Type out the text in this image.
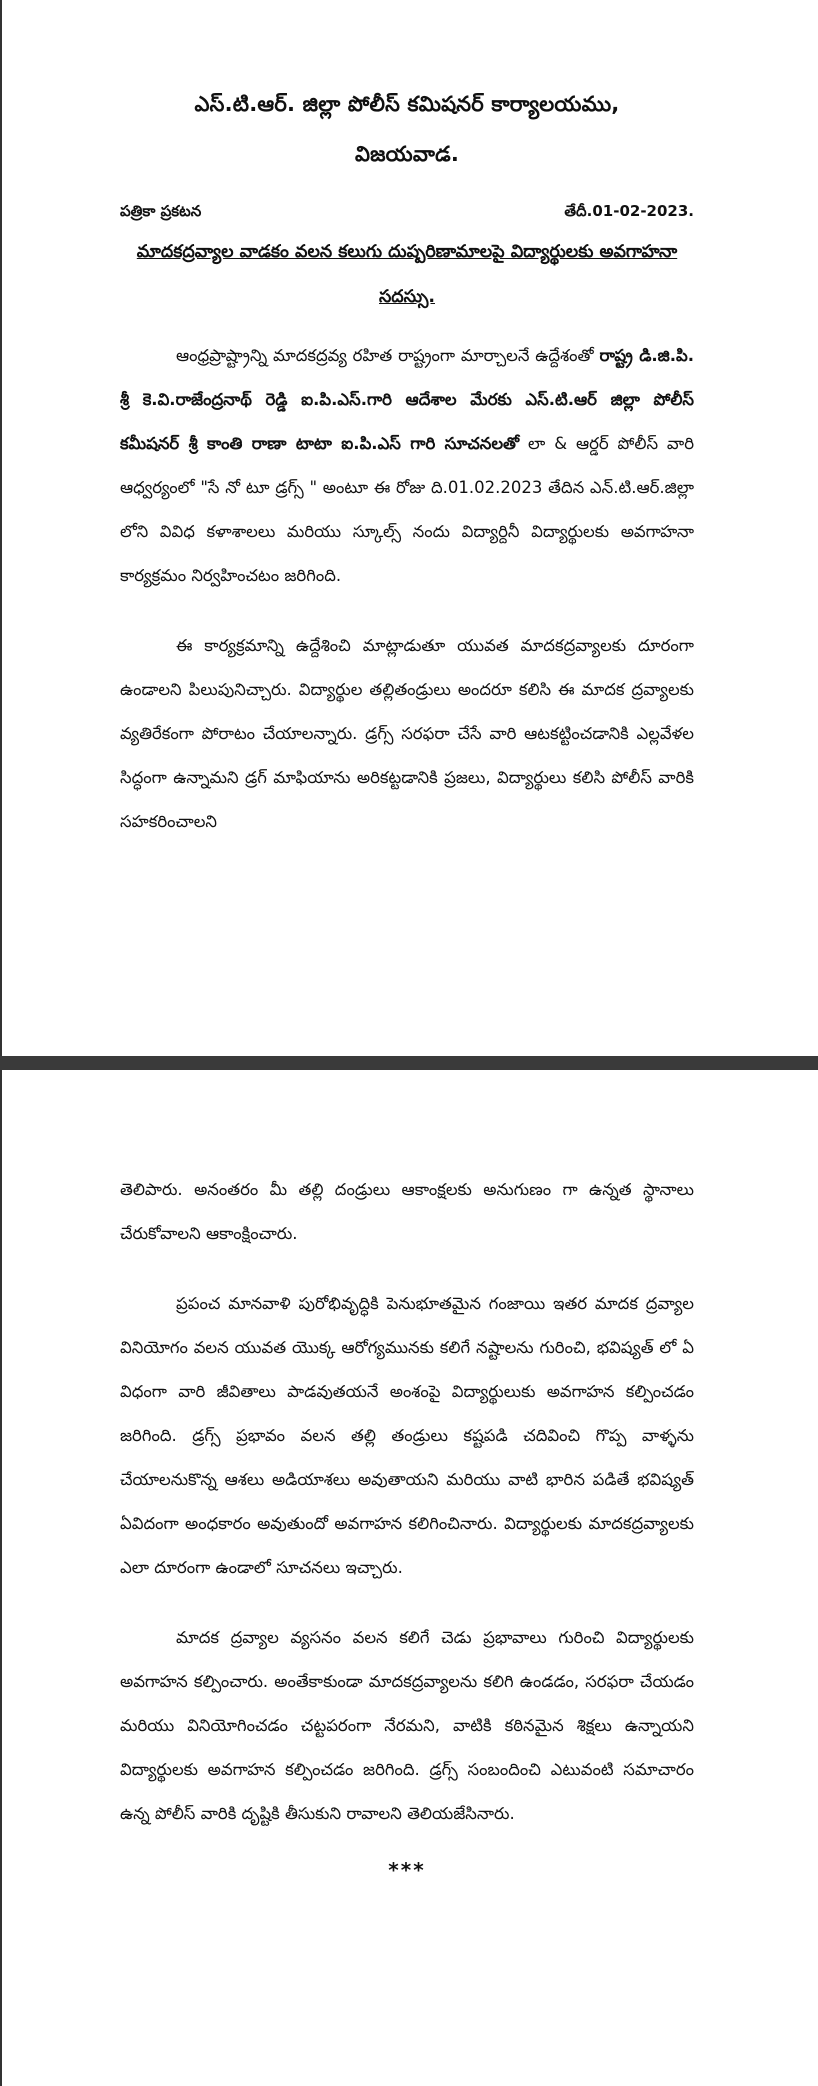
ఎస్.టి.ఆర్. జిల్లా పోలీస్ కమిషనర్ కార్యాలయము,
విజయవాడ.
పత్రికా ప్రకటన	తేదీ.01-02-2023.
మాదకద్రవ్యాల వాడకం వలన కలుగు దుష్పరిణామాలపై విద్యార్థులకు అవగాహనా సదస్సు.

ఆంధ్రప్రాష్ట్రాన్ని మాదకద్రవ్య రహిత రాష్ట్రంగా మార్చాలనే ఉద్దేశంతో రాష్ట్ర డి.జి.పి. శ్రీ కె.వి.రాజేంద్రనాథ్ రెడ్డి ఐ.పి.ఎస్.గారి ఆదేశాల మేరకు ఎస్.టి.ఆర్ జిల్లా పోలీస్ కమీషనర్ శ్రీ కాంతి రాణా టాటా ఐ.పి.ఎస్ గారి సూచనలతో లా & ఆర్డర్ పోలీస్ వారి ఆధ్వర్యంలో "సే నో టూ డ్రగ్స్ " అంటూ ఈ రోజు ది.01.02.2023 తేదిన ఎన్.టి.ఆర్.జిల్లా లోని వివిధ కళాశాలలు మరియు స్కూల్స్ నందు విద్యార్దినీ విద్యార్థులకు అవగాహనా కార్యక్రమం నిర్వహించటం జరిగింది.

ఈ కార్యక్రమాన్ని ఉద్దేశించి మాట్లాడుతూ యువత మాదకద్రవ్యాలకు దూరంగా ఉండాలని పిలుపునిచ్చారు. విద్యార్థుల తల్లితండ్రులు అందరూ కలిసి ఈ మాదక ద్రవ్యాలకు వ్యతిరేకంగా పోరాటం చేయాలన్నారు. డ్రగ్స్ సరఫరా చేసే వారి ఆటకట్టించడానికి ఎల్లవేళల సిద్ధంగా ఉన్నామని డ్రగ్ మాఫియాను అరికట్టడానికి ప్రజలు, విద్యార్థులు కలిసి పోలీస్ వారికి సహకరించాలని

తెలిపారు. అనంతరం మీ తల్లి దండ్రులు ఆకాంక్షలకు అనుగుణం గా ఉన్నత స్థానాలు చేరుకోవాలని ఆకాంక్షించారు.

ప్రపంచ మానవాళి పురోభివృద్ధికి పెనుభూతమైన గంజాయి ఇతర మాదక ద్రవ్యాల వినియోగం వలన యువత యొక్క ఆరోగ్యమునకు కలిగే నష్టాలను గురించి, భవిష్యత్ లో ఏ విధంగా వారి జీవితాలు పాడవుతయనే అంశంపై విద్యార్థులుకు అవగాహన కల్పించడం జరిగింది. డ్రగ్స్ ప్రభావం వలన తల్లి తండ్రులు కష్టపడి చదివించి గొప్ప వాళ్ళను చేయాలనుకొన్న ఆశలు అడియాశలు అవుతాయని మరియు వాటి భారిన పడితే భవిష్యత్ ఏవిదంగా అంధకారం అవుతుందో అవగాహన కలిగించినారు. విద్యార్థులకు మాదకద్రవ్యాలకు ఎలా దూరంగా ఉండాలో సూచనలు ఇచ్చారు.

మాదక ద్రవ్యాల వ్యసనం వలన కలిగే చెడు ప్రభావాలు గురించి విద్యార్థులకు అవగాహన కల్పించారు. అంతేకాకుండా మాదకద్రవ్యాలను కలిగి ఉండడం, సరఫరా చేయడం మరియు వినియోగించడం చట్టపరంగా నేరమని, వాటికి కఠినమైన శిక్షలు ఉన్నాయని విద్యార్థులకు అవగాహన కల్పించడం జరిగింది. డ్రగ్స్ సంబందించి ఎటువంటి సమాచారం ఉన్న పోలీస్ వారికి దృష్టికి తీసుకుని రావాలని తెలియజేసినారు.

***
